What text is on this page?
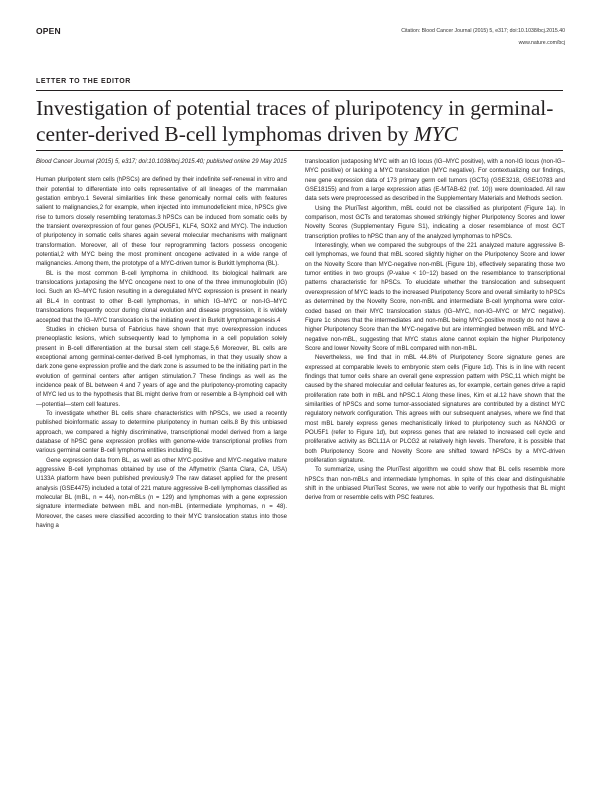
OPEN	Citation: Blood Cancer Journal (2015) 5, e317; doi:10.1038/bcj.2015.40
www.nature.com/bcj
LETTER TO THE EDITOR
Investigation of potential traces of pluripotency in germinal-center-derived B-cell lymphomas driven by MYC

Blood Cancer Journal (2015) 5, e317; doi:10.1038/bcj.2015.40; published online 29 May 2015

Human pluripotent stem cells (hPSCs) are defined by their indefinite self-renewal in vitro and their potential to differentiate into cells representative of all lineages of the mammalian gestation embryo.1 Several similarities link these genomically normal cells with features salient to malignancies,2 for example, when injected into immunodeficient mice, hPSCs give rise to tumors closely resembling teratomas.3 hPSCs can be induced from somatic cells by the transient overexpression of four genes (POU5F1, KLF4, SOX2 and MYC). The induction of pluripotency in somatic cells shares again several molecular mechanisms with malignant transformation. Moreover, all of these four reprogramming factors possess oncogenic potential,2 with MYC being the most prominent oncogene activated in a wide range of malignancies. Among them, the prototype of a MYC-driven tumor is Burkitt lymphoma (BL).

BL is the most common B-cell lymphoma in childhood. Its biological hallmark are translocations juxtaposing the MYC oncogene next to one of the three immunoglobulin (IG) loci. Such an IG–MYC fusion resulting in a deregulated MYC expression is present in nearly all BL.4 In contrast to other B-cell lymphomas, in which IG–MYC or non-IG–MYC translocations frequently occur during clonal evolution and disease progression, it is widely accepted that the IG–MYC translocation is the initiating event in Burkitt lymphomagenesis.4

Studies in chicken bursa of Fabricius have shown that myc overexpression induces preneoplastic lesions, which subsequently lead to lymphoma in a cell population solely present in B-cell differentiation at the bursal stem cell stage.5,6 Moreover, BL cells are exceptional among germinal-center-derived B-cell lymphomas, in that they usually show a dark zone gene expression profile and the dark zone is assumed to be the initiating part in the evolution of germinal centers after antigen stimulation.7 These findings as well as the incidence peak of BL between 4 and 7 years of age and the pluripotency-promoting capacity of MYC led us to the hypothesis that BL might derive from or resemble a B-lymphoid cell with—potential—stem cell features.

To investigate whether BL cells share characteristics with hPSCs, we used a recently published bioinformatic assay to determine pluripotency in human cells.8 By this unbiased approach, we compared a highly discriminative, transcriptional model derived from a large database of hPSC gene expression profiles with genome-wide transcriptional profiles from various germinal center B-cell lymphoma entities including BL.

Gene expression data from BL, as well as other MYC-positive and MYC-negative mature aggressive B-cell lymphomas obtained by use of the Affymetrix (Santa Clara, CA, USA) U133A platform have been published previously.9 The raw dataset applied for the present analysis (GSE4475) included a total of 221 mature aggressive B-cell lymphomas classified as molecular BL (mBL, n = 44), non-mBLs (n = 129) and lymphomas with a gene expression signature intermediate between mBL and non-mBL (intermediate lymphomas, n = 48). Moreover, the cases were classified according to their MYC translocation status into those having a

translocation juxtaposing MYC with an IG locus (IG–MYC positive), with a non-IG locus (non-IG–MYC positive) or lacking a MYC translocation (MYC negative). For contextualizing our findings, new gene expression data of 173 primary germ cell tumors (GCTs) (GSE3218, GSE10783 and GSE18155) and from a large expression atlas (E-MTAB-62 (ref. 10)) were downloaded. All raw data sets were preprocessed as described in the Supplementary Materials and Methods section.

Using the PluriTest algorithm, mBL could not be classified as pluripotent (Figure 1a). In comparison, most GCTs and teratomas showed strikingly higher Pluripotency Scores and lower Novelty Scores (Supplementary Figure S1), indicating a closer resemblance of most GCT transcription profiles to hPSC than any of the analyzed lymphomas to hPSCs.

Interestingly, when we compared the subgroups of the 221 analyzed mature aggressive B-cell lymphomas, we found that mBL scored slightly higher on the Pluripotency Score and lower on the Novelty Score than MYC-negative non-mBL (Figure 1b), effectively separating those two tumor entities in two groups (P-value < 10−12) based on the resemblance to transcriptional patterns characteristic for hPSCs. To elucidate whether the translocation and subsequent overexpression of MYC leads to the increased Pluripotency Score and overall similarity to hPSCs as determined by the Novelty Score, non-mBL and intermediate B-cell lymphoma were color-coded based on their MYC translocation status (IG–MYC, non-IG–MYC or MYC negative). Figure 1c shows that the intermediates and non-mBL being MYC-positive mostly do not have a higher Pluripotency Score than the MYC-negative but are intermingled between mBL and MYC-negative non-mBL, suggesting that MYC status alone cannot explain the higher Pluripotency Score and lower Novelty Score of mBL compared with non-mBL.

Nevertheless, we find that in mBL 44.8% of Pluripotency Score signature genes are expressed at comparable levels to embryonic stem cells (Figure 1d). This is in line with recent findings that tumor cells share an overall gene expression pattern with PSC,11 which might be caused by the shared molecular and cellular features as, for example, certain genes drive a rapid proliferation rate both in mBL and hPSC.1 Along these lines, Kim et al.12 have shown that the similarities of hPSCs and some tumor-associated signatures are contributed by a distinct MYC regulatory network configuration. This agrees with our subsequent analyses, where we find that most mBL barely express genes mechanistically linked to pluripotency such as NANOG or POU5F1 (refer to Figure 1d), but express genes that are related to increased cell cycle and proliferative activity as BCL11A or PLCG2 at relatively high levels. Therefore, it is possible that both Pluripotency Score and Novelty Score are shifted toward hPSCs by a MYC-driven proliferation signature.

To summarize, using the PluriTest algorithm we could show that BL cells resemble more hPSCs than non-mBLs and intermediate lymphomas. In spite of this clear and distinguishable shift in the unbiased PluriTest Scores, we were not able to verify our hypothesis that BL might derive from or resemble cells with PSC features.
